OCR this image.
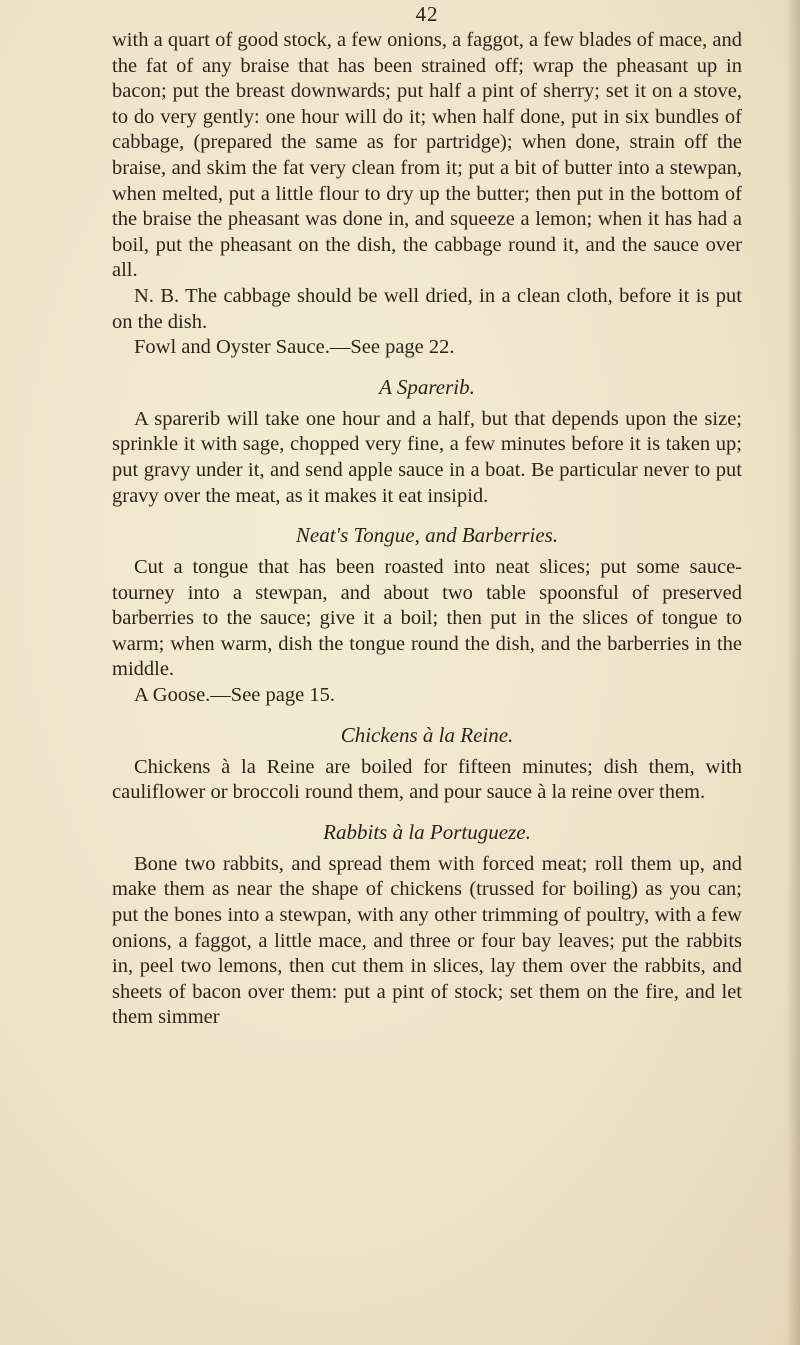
42

with a quart of good stock, a few onions, a faggot, a few blades of mace, and the fat of any braise that has been strained off; wrap the pheasant up in bacon; put the breast downwards; put half a pint of sherry; set it on a stove, to do very gently: one hour will do it; when half done, put in six bundles of cabbage, (prepared the same as for partridge); when done, strain off the braise, and skim the fat very clean from it; put a bit of butter into a stewpan, when melted, put a little flour to dry up the butter; then put in the bottom of the braise the pheasant was done in, and squeeze a lemon; when it has had a boil, put the pheasant on the dish, the cabbage round it, and the sauce over all.

N. B. The cabbage should be well dried, in a clean cloth, before it is put on the dish.

Fowl and Oyster Sauce.—See page 22.

A Sparerib.

A sparerib will take one hour and a half, but that depends upon the size; sprinkle it with sage, chopped very fine, a few minutes before it is taken up; put gravy under it, and send apple sauce in a boat. Be particular never to put gravy over the meat, as it makes it eat insipid.

Neat's Tongue, and Barberries.

Cut a tongue that has been roasted into neat slices; put some sauce-tourney into a stewpan, and about two table spoonsful of preserved barberries to the sauce; give it a boil; then put in the slices of tongue to warm; when warm, dish the tongue round the dish, and the barberries in the middle.

A Goose.—See page 15.

Chickens à la Reine.

Chickens à la Reine are boiled for fifteen minutes; dish them, with cauliflower or broccoli round them, and pour sauce à la reine over them.

Rabbits à la Portugueze.

Bone two rabbits, and spread them with forced meat; roll them up, and make them as near the shape of chickens (trussed for boiling) as you can; put the bones into a stewpan, with any other trimming of poultry, with a few onions, a faggot, a little mace, and three or four bay leaves; put the rabbits in, peel two lemons, then cut them in slices, lay them over the rabbits, and sheets of bacon over them: put a pint of stock; set them on the fire, and let them simmer
